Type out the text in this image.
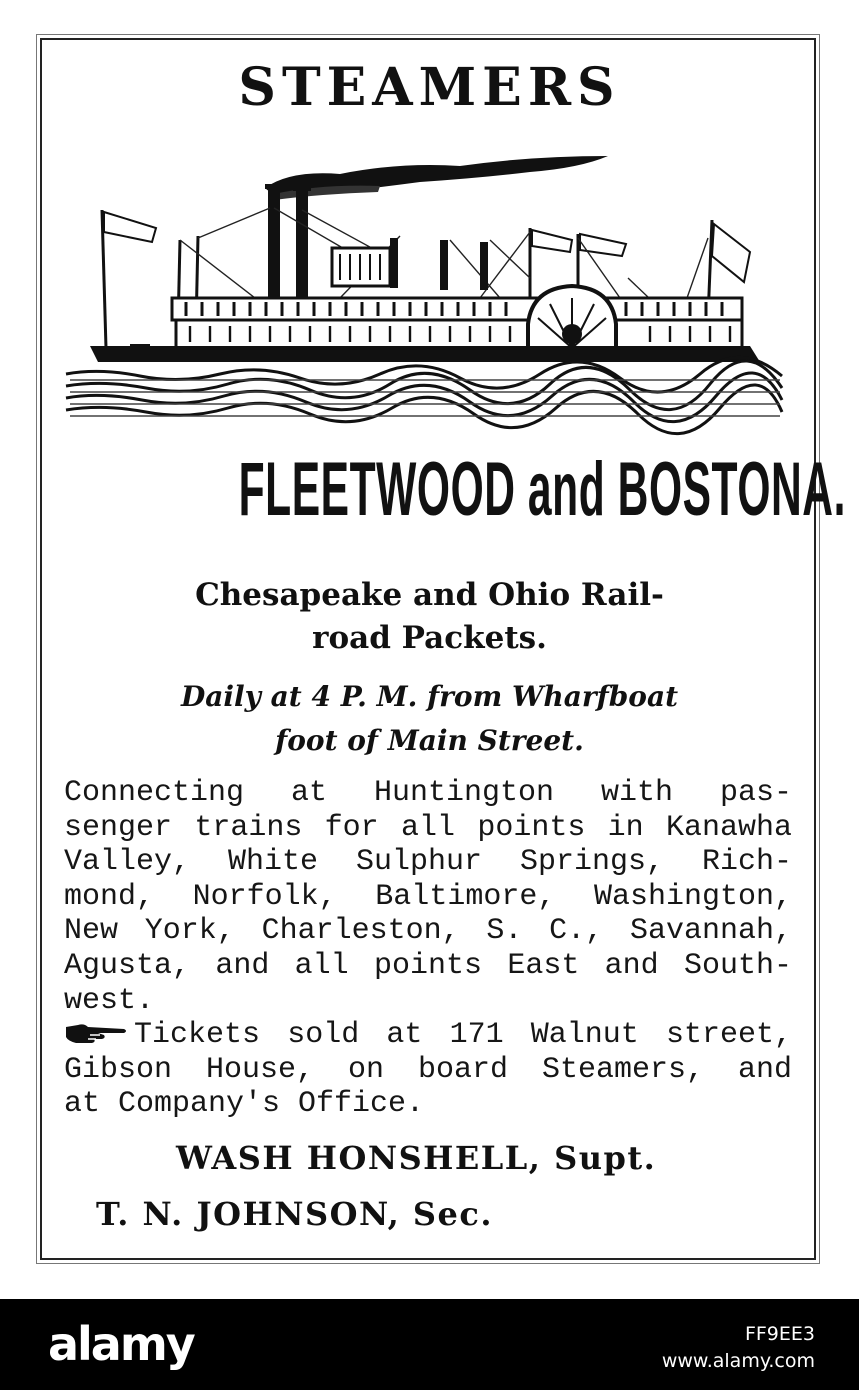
STEAMERS
FLEETWOOD and BOSTONA.
Chesapeake and Ohio Rail-
road Packets.
Daily at 4 P. M. from Wharfboat
foot of Main Street.
Connecting at Huntington with pas-
senger trains for all points in Kanawha
Valley, White Sulphur Springs, Rich-
mond, Norfolk, Baltimore, Washington,
New York, Charleston, S. C., Savannah,
Agusta, and all points East and South-
west.
Tickets sold at 171 Walnut street,
Gibson House, on board Steamers, and
at Company's Office.
WASH HONSHELL, Supt.
T. N. JOHNSON, Sec.
alamy	FF9EE3
www.alamy.com
